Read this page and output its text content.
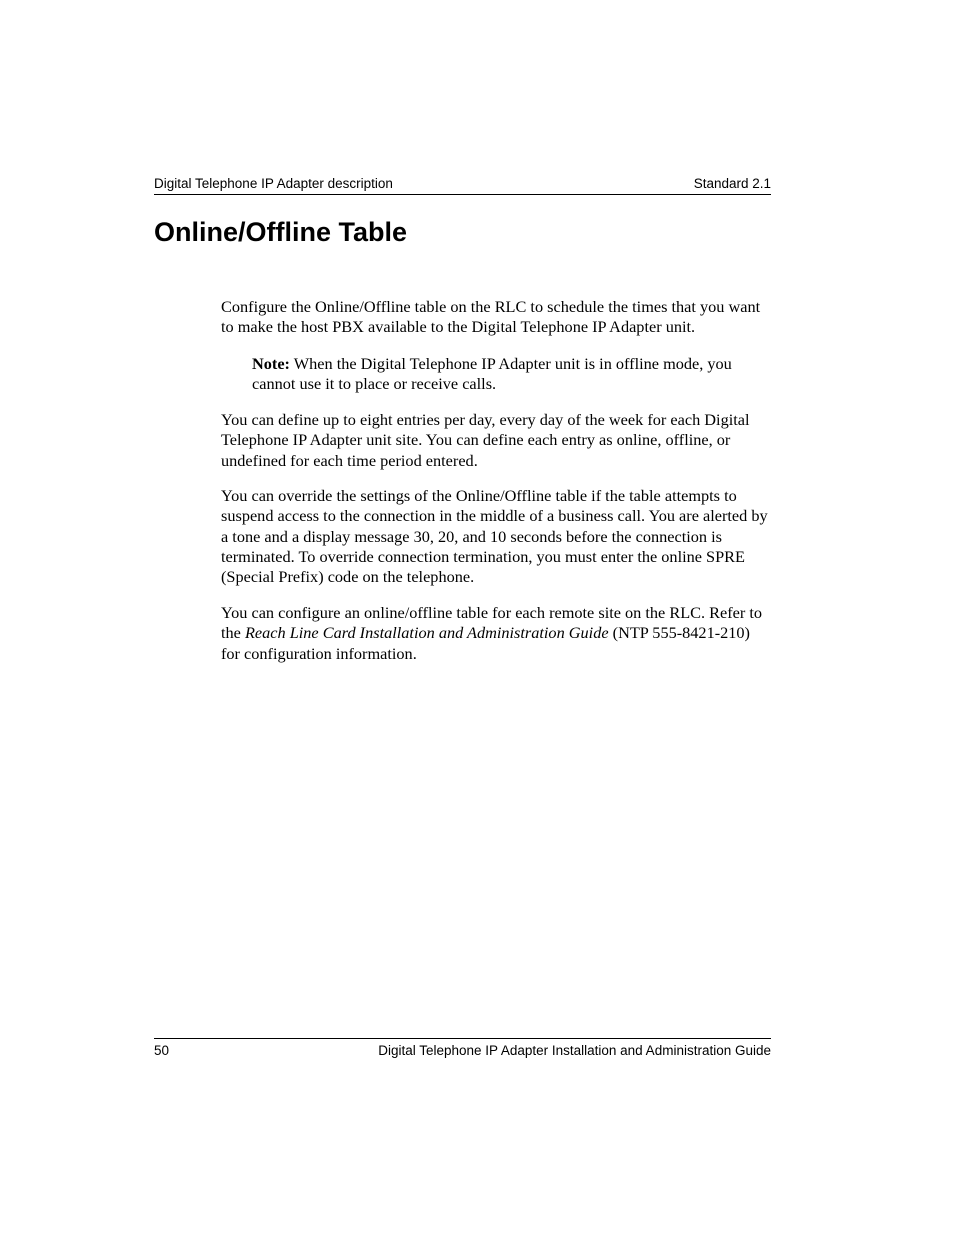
Digital Telephone IP Adapter description	Standard 2.1
Online/Offline Table

Configure the Online/Offline table on the RLC to schedule the times that you want to make the host PBX available to the Digital Telephone IP Adapter unit.

Note: When the Digital Telephone IP Adapter unit is in offline mode, you cannot use it to place or receive calls.

You can define up to eight entries per day, every day of the week for each Digital Telephone IP Adapter unit site. You can define each entry as online, offline, or undefined for each time period entered.

You can override the settings of the Online/Offline table if the table attempts to suspend access to the connection in the middle of a business call. You are alerted by a tone and a display message 30, 20, and 10 seconds before the connection is terminated. To override connection termination, you must enter the online SPRE (Special Prefix) code on the telephone.

You can configure an online/offline table for each remote site on the RLC. Refer to the Reach Line Card Installation and Administration Guide (NTP 555-8421-210) for configuration information.

50	Digital Telephone IP Adapter Installation and Administration Guide
